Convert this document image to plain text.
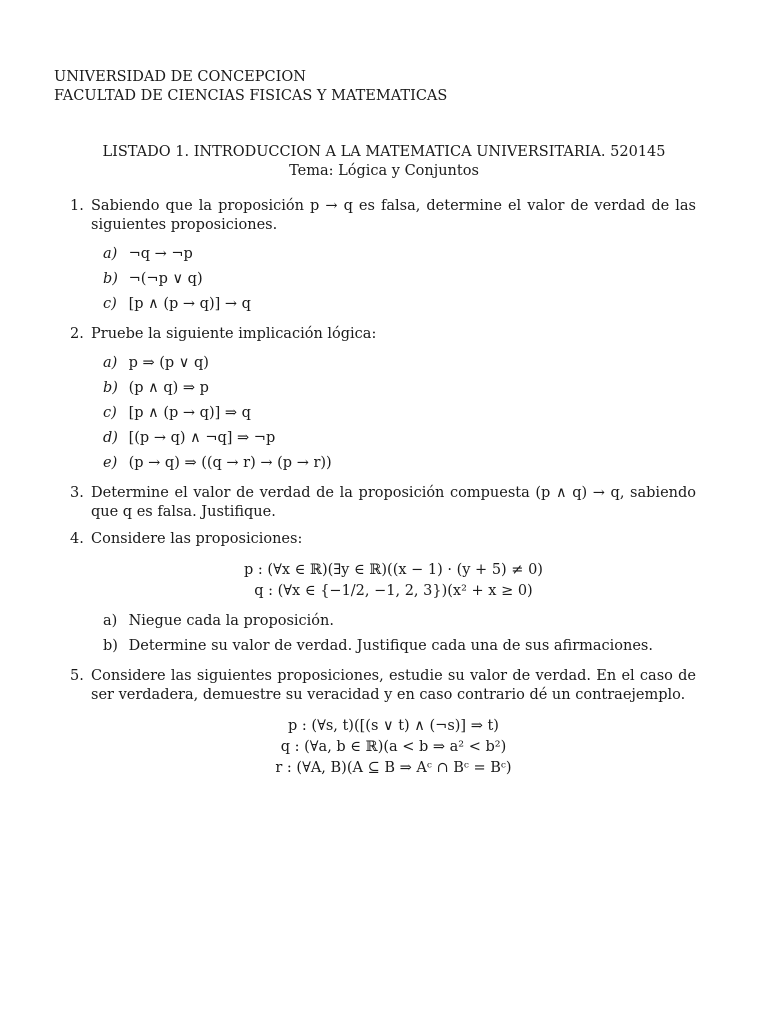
UNIVERSIDAD DE CONCEPCION
FACULTAD DE CIENCIAS FISICAS Y MATEMATICAS
LISTADO 1. INTRODUCCION A LA MATEMATICA UNIVERSITARIA. 520145
Tema: Lógica y Conjuntos
1. Sabiendo que la proposición p → q es falsa, determine el valor de verdad de las siguientes proposiciones.
a) ¬q → ¬p
b) ¬(¬p ∨ q)
c) [p ∧ (p → q)] → q
2. Pruebe la siguiente implicación lógica:
a) p ⇒ (p ∨ q)
b) (p ∧ q) ⇒ p
c) [p ∧ (p → q)] ⇒ q
d) [(p → q) ∧ ¬q] ⇒ ¬p
e) (p → q) ⇒ ((q → r) → (p → r))
3. Determine el valor de verdad de la proposición compuesta (p ∧ q) → q, sabiendo que q es falsa. Justifique.
4. Considere las proposiciones:
p : (∀x ∈ ℝ)(∃y ∈ ℝ)((x − 1) · (y + 5) ≠ 0)
q : (∀x ∈ {−1/2, −1, 2, 3})(x² + x ≥ 0)
a) Niegue cada la proposición.
b) Determine su valor de verdad. Justifique cada una de sus afirmaciones.
5. Considere las siguientes proposiciones, estudie su valor de verdad. En el caso de ser verdadera, demuestre su veracidad y en caso contrario dé un contraejemplo.
p : (∀s, t)([(s ∨ t) ∧ (¬s)] ⇒ t)
q : (∀a, b ∈ ℝ)(a < b ⇒ a² < b²)
r : (∀A, B)(A ⊆ B ⇒ Aᶜ ∩ Bᶜ = Bᶜ)
